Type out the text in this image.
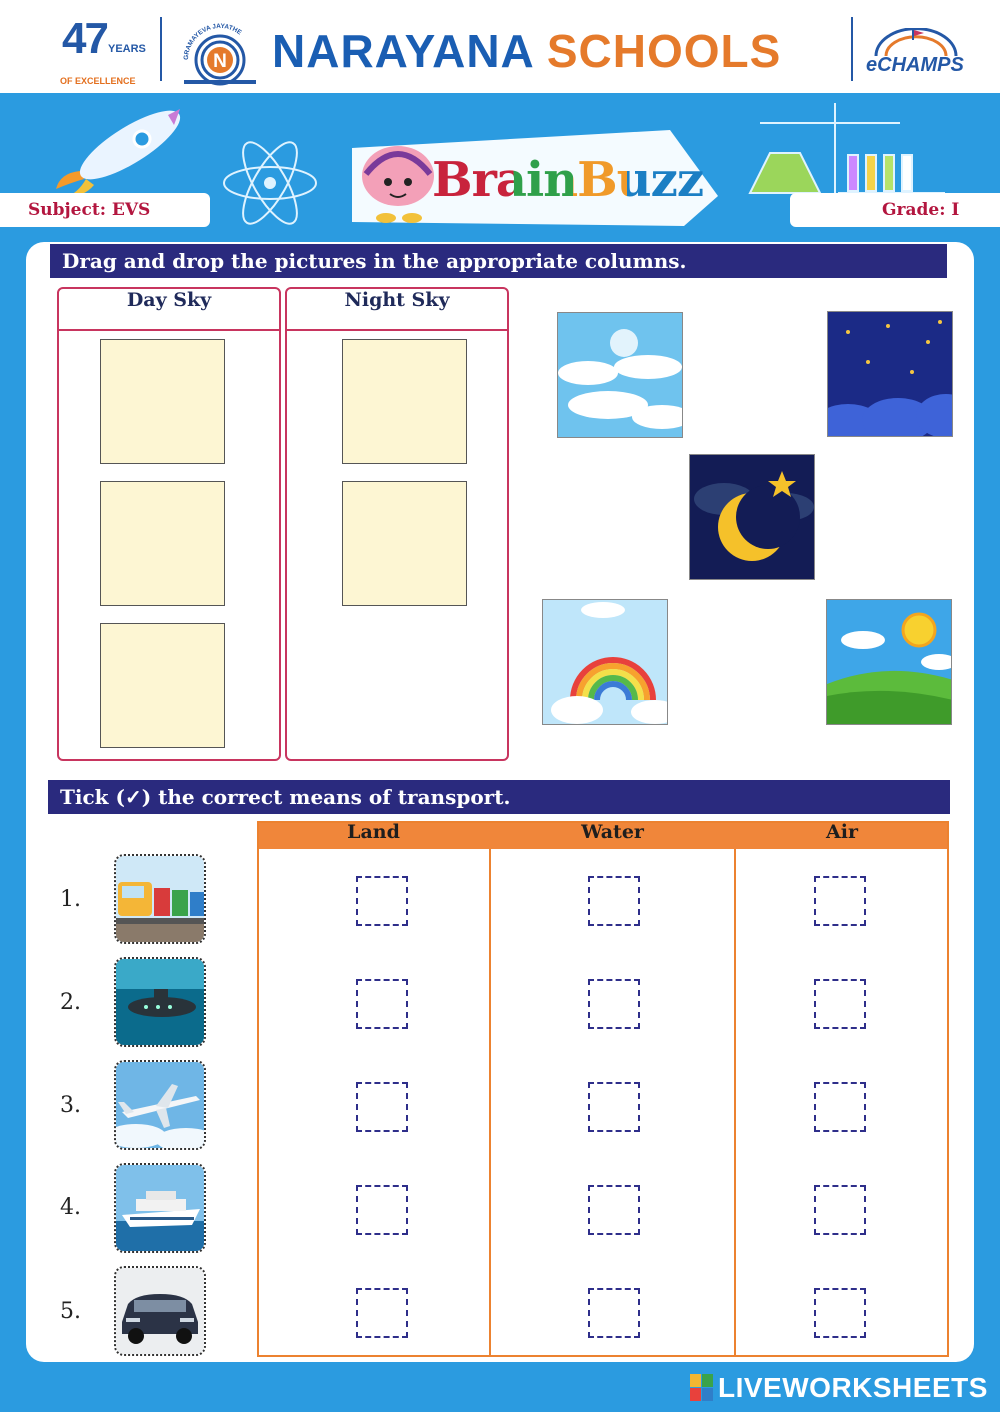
47 YEARS
OF EXCELLENCE
GRAMAYEVA JAYATHE
N NARAYANA SCHOOLS	eCHAMPS
Subject: EVS	Grade: I
BrainBuzz
Drag and drop the pictures in the appropriate columns.
Day Sky	Night Sky
Tick (✓) the correct means of transport.
Land	Water	Air
1.
2.
3.
4.
5.
LIVEWORKSHEETS
